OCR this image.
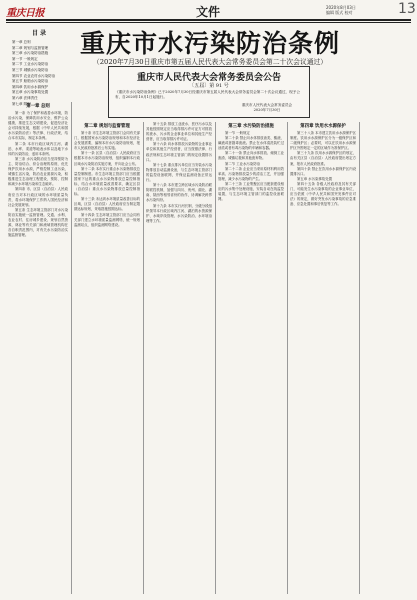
重庆日报	文件	2020年8月03日
编辑 版式 校对	13
重庆市水污染防治条例
（2020年7月30日重庆市第五届人民代表大会常务委员会第二十次会议通过）
重庆市人民代表大会常务委员会公告
〔五届〕第 91 号
《重庆市水污染防治条例》已于2020年7月30日经重庆市第五届人民代表大会常务委员会第二十次会议通过，现予公布，自2020年10月1日起施行。
重庆市人民代表大会常务委员会
2020年7月30日
目 录
第一章 总则
第二章 规划与监督管理
第三章 水污染防治措施
第一节 一般规定
第二节 工业水污染防治
第三节 城镇水污染防治
第四节 农业农村水污染防治
第五节 船舶水污染防治
第四章 饮用水水源保护
第五章 水污染事故处置
第六章 法律责任
第七章 附则
第一章 总则

第一条 为了保护和改善水环境，防治水污染，保障饮用水安全，维护公众健康，推进生态文明建设，促进经济社会可持续发展，根据《中华人民共和国水污染防治法》等法律、行政法规，结合本市实际，制定本条例。

第二条 本市行政区域内江河、湖泊、水库、渠道等地表水体以及地下水体的污染防治，适用本条例。

第三条 水污染防治应当坚持预防为主、防治结合、综合治理的原则，优先保护饮用水水源，严格控制工业污染、城镇生活污染，防治农业面源污染，积极推进生态治理工程建设，预防、控制和减少水环境污染和生态破坏。

第四条 市、区县（自治县）人民政府应当对本行政区域的水环境质量负责，将水环境保护工作纳入国民经济和社会发展规划。

第五条 生态环境主管部门对水污染防治实施统一监督管理。交通、水利、农业农村、住房城乡建设、规划自然资源、林业等有关部门和流域管理机构在各自职责范围内，对有关水污染防治实施监督管理。

第二章 规划与监督管理

第十条 市生态环境主管部门会同有关部门，根据国家水污染防治规划和本市经济社会发展需要，编制本市水污染防治规划，报市人民政府批准后公布实施。

第十一条 区县（自治县）人民政府应当根据本市水污染防治规划，组织编制本行政区域水污染防治实施方案，并向社会公布。

第十二条 本市实行重点水污染物排放总量控制制度。市生态环境主管部门应当根据国家下达的重点水污染物排放总量控制指标，结合水环境质量改善要求，确定区县（自治县）重点水污染物排放总量控制指标。

第十三条 未达到水环境质量改善目标的区域，区县（自治县）人民政府应当制定限期达标规划，采取措施按期达标。

第十四条 生态环境主管部门应当会同有关部门建立水环境质量监测网络，统一规划监测站点，组织监测网络建设。

第十五条 排放工业废水、医疗污水以及其他按照规定应当取得排污许可证方可排放的废水、污水的企业事业单位和其他生产经营者，应当取得排污许可证。

第十六条 向水体排放污染物的企业事业单位和其他生产经营者，应当按照法律、行政法规和生态环境主管部门的规定设置排污口。

第十七条 重点排污单位应当安装水污染物排放自动监测设备，与生态环境主管部门的监控设备联网，并保证监测设备正常运行。

第十八条 本市建立跨区域水污染防治联防联控机制，加强与四川、贵州、湖北、湖南、陕西等相邻省份的协作，协调解决跨界水污染纠纷。

第十九条 本市实行河长制，分级分段组织领导本行政区域内江河、湖泊的水资源保护、水域岸线管理、水污染防治、水环境治理等工作。

第三章 水污染防治措施

第一节 一般规定

第二十条 禁止向水体排放油类、酸液、碱液或者剧毒废液。禁止在水体清洗装贮过油类或者有毒污染物的车辆和容器。

第二十一条 禁止向水体排放、倾倒工业废渣、城镇垃圾和其他废弃物。

第二节 工业水污染防治

第二十二条 企业应当采用原材料利用效率高、污染物排放量少的清洁工艺，并加强管理，减少水污染物的产生。

第二十三条 工业集聚区应当配套建设相应的污水集中处理设施，安装自动在线监控装置，与生态环境主管部门的监控设备联网。

第四章 饮用水水源保护

第三十八条 本市建立饮用水水源保护区制度。饮用水水源保护区分为一级保护区和二级保护区；必要时，可以在饮用水水源保护区外围划定一定的区域作为准保护区。

第三十九条 饮用水水源保护区的划定，由有关区县（自治县）人民政府提出划定方案，报市人民政府批准。

第四十条 禁止在饮用水水源保护区内设置排污口。

第五章 水污染事故处置

第四十五条 各级人民政府及其有关部门，可能发生水污染事故的企业事业单位，应当依照《中华人民共和国突发事件应对法》的规定，做好突发水污染事故的应急准备、应急处置和事后恢复等工作。
